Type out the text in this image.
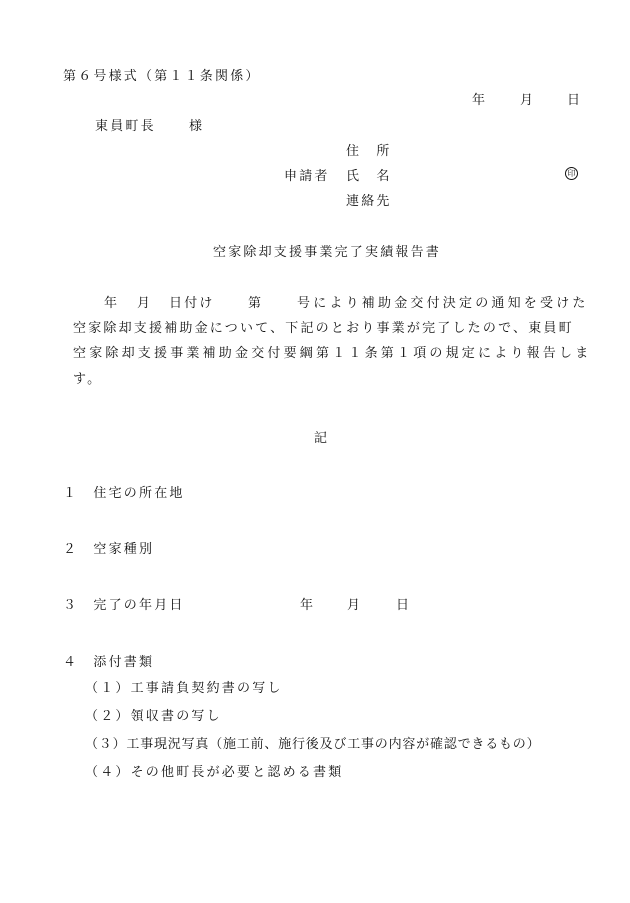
第６号様式（第１１条関係）
年	月 日
東員町長	様
住　所
申請者 氏　名	印
連絡先
空家除却支援事業完了実績報告書
年 月 日付け	第	号により補助金交付決定の通知を受けた
空家除却支援補助金について、下記のとおり事業が完了したので、東員町
空家除却支援事業補助金交付要綱第１１条第１項の規定により報告しま
す。
記
１　住宅の所在地
２　空家種別
３　完了の年月日	年 月	日
４　添付書類
（１）工事請負契約書の写し
（２）領収書の写し
（３）工事現況写真（施工前、施行後及び工事の内容が確認できるもの）
（４）その他町長が必要と認める書類
